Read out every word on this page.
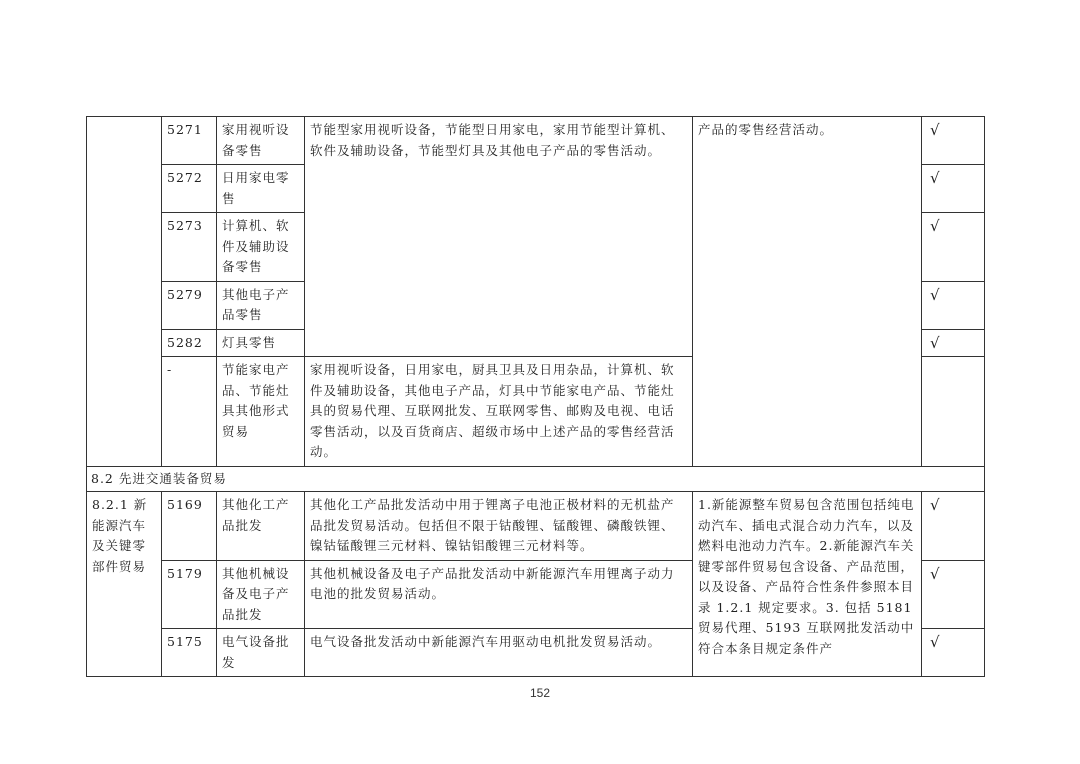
	5271	家用视听设备零售	节能型家用视听设备，节能型日用家电，家用节能型计算机、软件及辅助设备，节能型灯具及其他电子产品的零售活动。	产品的零售经营活动。	√
	5272	日用家电零售			√
	5273	计算机、软件及辅助设备零售			√
	5279	其他电子产品零售			√
	5282	灯具零售			√
	-	节能家电产品、节能灶具其他形式贸易	家用视听设备，日用家电，厨具卫具及日用杂品，计算机、软件及辅助设备，其他电子产品，灯具中节能家电产品、节能灶具的贸易代理、互联网批发、互联网零售、邮购及电视、电话零售活动，以及百货商店、超级市场中上述产品的零售经营活动。		
8.2 先进交通装备贸易					
8.2.1 新能源汽车及关键零部件贸易	5169	其他化工产品批发	其他化工产品批发活动中用于锂离子电池正极材料的无机盐产品批发贸易活动。包括但不限于钴酸锂、锰酸锂、磷酸铁锂、镍钴锰酸锂三元材料、镍钴铝酸锂三元材料等。	1.新能源整车贸易包含范围包括纯电动汽车、插电式混合动力汽车，以及燃料电池动力汽车。2.新能源汽车关键零部件贸易包含设备、产品范围，以及设备、产品符合性条件参照本目录 1.2.1 规定要求。3. 包括 5181 贸易代理、5193 互联网批发活动中符合本条目规定条件产	√
	5179	其他机械设备及电子产品批发	其他机械设备及电子产品批发活动中新能源汽车用锂离子动力电池的批发贸易活动。		√
	5175	电气设备批发	电气设备批发活动中新能源汽车用驱动电机批发贸易活动。		√
152
